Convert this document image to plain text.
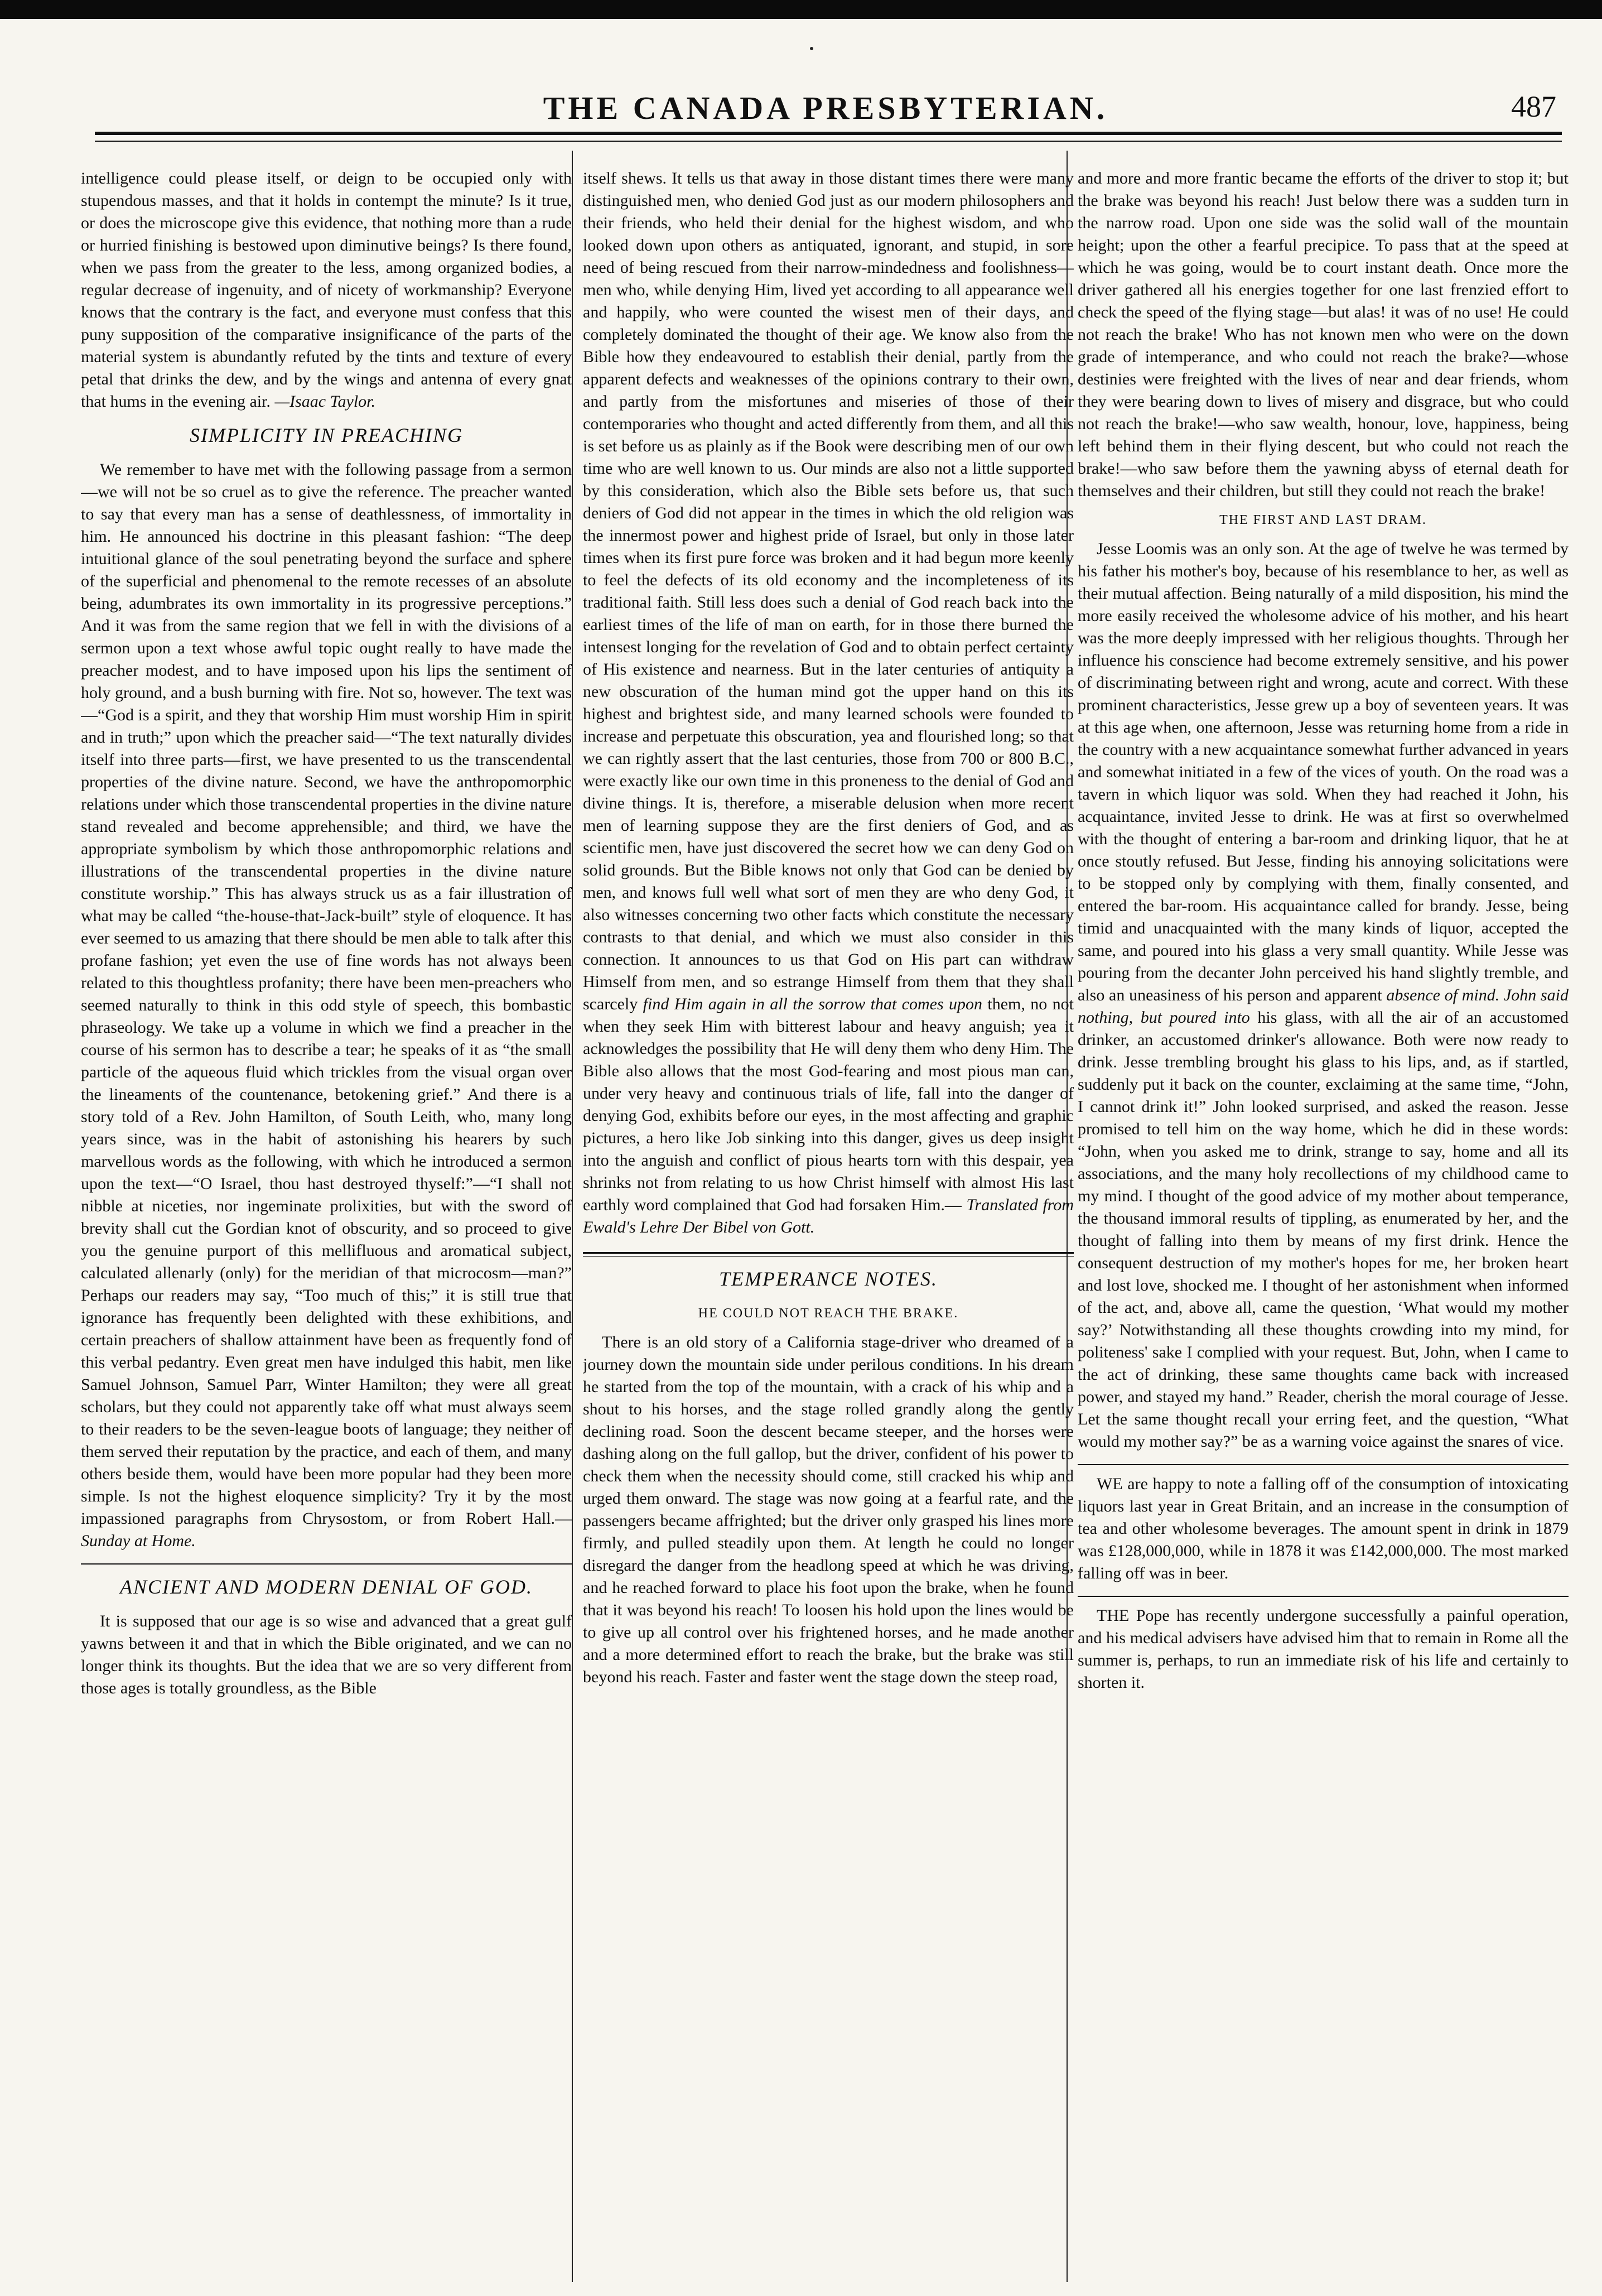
THE CANADA PRESBYTERIAN.	487

intelligence could please itself, or deign to be occupied only with stupendous masses, and that it holds in contempt the minute? Is it true, or does the microscope give this evidence, that nothing more than a rude or hurried finishing is bestowed upon diminutive beings? Is there found, when we pass from the greater to the less, among organized bodies, a regular decrease of ingenuity, and of nicety of workmanship? Everyone knows that the contrary is the fact, and everyone must confess that this puny supposition of the comparative insignificance of the parts of the material system is abundantly refuted by the tints and texture of every petal that drinks the dew, and by the wings and antenna of every gnat that hums in the evening air. —Isaac Taylor.

SIMPLICITY IN PREACHING

We remember to have met with the following passage from a sermon—we will not be so cruel as to give the reference. The preacher wanted to say that every man has a sense of deathlessness, of immortality in him. He announced his doctrine in this pleasant fashion: “The deep intuitional glance of the soul penetrating beyond the surface and sphere of the superficial and phenomenal to the remote recesses of an absolute being, adumbrates its own immortality in its progressive perceptions.” And it was from the same region that we fell in with the divisions of a sermon upon a text whose awful topic ought really to have made the preacher modest, and to have imposed upon his lips the sentiment of holy ground, and a bush burning with fire. Not so, however. The text was—“God is a spirit, and they that worship Him must worship Him in spirit and in truth;” upon which the preacher said—“The text naturally divides itself into three parts—first, we have presented to us the transcendental properties of the divine nature. Second, we have the anthropomorphic relations under which those transcendental properties in the divine nature stand revealed and become apprehensible; and third, we have the appropriate symbolism by which those anthropomorphic relations and illustrations of the transcendental properties in the divine nature constitute worship.” This has always struck us as a fair illustration of what may be called “the-house-that-Jack-built” style of eloquence. It has ever seemed to us amazing that there should be men able to talk after this profane fashion; yet even the use of fine words has not always been related to this thoughtless profanity; there have been men-preachers who seemed naturally to think in this odd style of speech, this bombastic phraseology. We take up a volume in which we find a preacher in the course of his sermon has to describe a tear; he speaks of it as “the small particle of the aqueous fluid which trickles from the visual organ over the lineaments of the countenance, betokening grief.” And there is a story told of a Rev. John Hamilton, of South Leith, who, many long years since, was in the habit of astonishing his hearers by such marvellous words as the following, with which he introduced a sermon upon the text—“O Israel, thou hast destroyed thyself:”—“I shall not nibble at niceties, nor ingeminate prolixities, but with the sword of brevity shall cut the Gordian knot of obscurity, and so proceed to give you the genuine purport of this mellifluous and aromatical subject, calculated allenarly (only) for the meridian of that microcosm—man?” Perhaps our readers may say, “Too much of this;” it is still true that ignorance has frequently been delighted with these exhibitions, and certain preachers of shallow attainment have been as frequently fond of this verbal pedantry. Even great men have indulged this habit, men like Samuel Johnson, Samuel Parr, Winter Hamilton; they were all great scholars, but they could not apparently take off what must always seem to their readers to be the seven-league boots of language; they neither of them served their reputation by the practice, and each of them, and many others beside them, would have been more popular had they been more simple. Is not the highest eloquence simplicity? Try it by the most impassioned paragraphs from Chrysostom, or from Robert Hall.— Sunday at Home.

ANCIENT AND MODERN DENIAL OF GOD.

It is supposed that our age is so wise and advanced that a great gulf yawns between it and that in which the Bible originated, and we can no longer think its thoughts. But the idea that we are so very different from those ages is totally groundless, as the Bible

itself shews. It tells us that away in those distant times there were many distinguished men, who denied God just as our modern philosophers and their friends, who held their denial for the highest wisdom, and who looked down upon others as antiquated, ignorant, and stupid, in sore need of being rescued from their narrow-mindedness and foolishness—men who, while denying Him, lived yet according to all appearance well and happily, who were counted the wisest men of their days, and completely dominated the thought of their age. We know also from the Bible how they endeavoured to establish their denial, partly from the apparent defects and weaknesses of the opinions contrary to their own, and partly from the misfortunes and miseries of those of their contemporaries who thought and acted differently from them, and all this is set before us as plainly as if the Book were describing men of our own time who are well known to us. Our minds are also not a little supported by this consideration, which also the Bible sets before us, that such deniers of God did not appear in the times in which the old religion was the innermost power and highest pride of Israel, but only in those later times when its first pure force was broken and it had begun more keenly to feel the defects of its old economy and the incompleteness of its traditional faith. Still less does such a denial of God reach back into the earliest times of the life of man on earth, for in those there burned the intensest longing for the revelation of God and to obtain perfect certainty of His existence and nearness. But in the later centuries of antiquity a new obscuration of the human mind got the upper hand on this its highest and brightest side, and many learned schools were founded to increase and perpetuate this obscuration, yea and flourished long; so that we can rightly assert that the last centuries, those from 700 or 800 B.C., were exactly like our own time in this proneness to the denial of God and divine things. It is, therefore, a miserable delusion when more recent men of learning suppose they are the first deniers of God, and as scientific men, have just discovered the secret how we can deny God on solid grounds. But the Bible knows not only that God can be denied by men, and knows full well what sort of men they are who deny God, it also witnesses concerning two other facts which constitute the necessary contrasts to that denial, and which we must also consider in this connection. It announces to us that God on His part can withdraw Himself from men, and so estrange Himself from them that they shall scarcely find Him again in all the sorrow that comes upon them, no not when they seek Him with bitterest labour and heavy anguish; yea it acknowledges the possibility that He will deny them who deny Him. The Bible also allows that the most God-fearing and most pious man can, under very heavy and continuous trials of life, fall into the danger of denying God, exhibits before our eyes, in the most affecting and graphic pictures, a hero like Job sinking into this danger, gives us deep insight into the anguish and conflict of pious hearts torn with this despair, yea shrinks not from relating to us how Christ himself with almost His last earthly word complained that God had forsaken Him.— Translated from Ewald's Lehre Der Bibel von Gott.

TEMPERANCE NOTES.
HE COULD NOT REACH THE BRAKE.

There is an old story of a California stage-driver who dreamed of a journey down the mountain side under perilous conditions. In his dream he started from the top of the mountain, with a crack of his whip and a shout to his horses, and the stage rolled grandly along the gently declining road. Soon the descent became steeper, and the horses were dashing along on the full gallop, but the driver, confident of his power to check them when the necessity should come, still cracked his whip and urged them onward. The stage was now going at a fearful rate, and the passengers became affrighted; but the driver only grasped his lines more firmly, and pulled steadily upon them. At length he could no longer disregard the danger from the headlong speed at which he was driving, and he reached forward to place his foot upon the brake, when he found that it was beyond his reach! To loosen his hold upon the lines would be to give up all control over his frightened horses, and he made another and a more determined effort to reach the brake, but the brake was still beyond his reach. Faster and faster went the stage down the steep road,

and more and more frantic became the efforts of the driver to stop it; but the brake was beyond his reach! Just below there was a sudden turn in the narrow road. Upon one side was the solid wall of the mountain height; upon the other a fearful precipice. To pass that at the speed at which he was going, would be to court instant death. Once more the driver gathered all his energies together for one last frenzied effort to check the speed of the flying stage—but alas! it was of no use! He could not reach the brake! Who has not known men who were on the down grade of intemperance, and who could not reach the brake?—whose destinies were freighted with the lives of near and dear friends, whom they were bearing down to lives of misery and disgrace, but who could not reach the brake!—who saw wealth, honour, love, happiness, being left behind them in their flying descent, but who could not reach the brake!—who saw before them the yawning abyss of eternal death for themselves and their children, but still they could not reach the brake!

THE FIRST AND LAST DRAM.

Jesse Loomis was an only son. At the age of twelve he was termed by his father his mother's boy, because of his resemblance to her, as well as their mutual affection. Being naturally of a mild disposition, his mind the more easily received the wholesome advice of his mother, and his heart was the more deeply impressed with her religious thoughts. Through her influence his conscience had become extremely sensitive, and his power of discriminating between right and wrong, acute and correct. With these prominent characteristics, Jesse grew up a boy of seventeen years. It was at this age when, one afternoon, Jesse was returning home from a ride in the country with a new acquaintance somewhat further advanced in years and somewhat initiated in a few of the vices of youth. On the road was a tavern in which liquor was sold. When they had reached it John, his acquaintance, invited Jesse to drink. He was at first so overwhelmed with the thought of entering a bar-room and drinking liquor, that he at once stoutly refused. But Jesse, finding his annoying solicitations were to be stopped only by complying with them, finally consented, and entered the bar-room. His acquaintance called for brandy. Jesse, being timid and unacquainted with the many kinds of liquor, accepted the same, and poured into his glass a very small quantity. While Jesse was pouring from the decanter John perceived his hand slightly tremble, and also an uneasiness of his person and apparent absence of mind. John said nothing, but poured into his glass, with all the air of an accustomed drinker, an accustomed drinker's allowance. Both were now ready to drink. Jesse trembling brought his glass to his lips, and, as if startled, suddenly put it back on the counter, exclaiming at the same time, “John, I cannot drink it!” John looked surprised, and asked the reason. Jesse promised to tell him on the way home, which he did in these words: “John, when you asked me to drink, strange to say, home and all its associations, and the many holy recollections of my childhood came to my mind. I thought of the good advice of my mother about temperance, the thousand immoral results of tippling, as enumerated by her, and the thought of falling into them by means of my first drink. Hence the consequent destruction of my mother's hopes for me, her broken heart and lost love, shocked me. I thought of her astonishment when informed of the act, and, above all, came the question, ‘What would my mother say?’ Notwithstanding all these thoughts crowding into my mind, for politeness' sake I complied with your request. But, John, when I came to the act of drinking, these same thoughts came back with increased power, and stayed my hand.” Reader, cherish the moral courage of Jesse. Let the same thought recall your erring feet, and the question, “What would my mother say?” be as a warning voice against the snares of vice.

WE are happy to note a falling off of the consumption of intoxicating liquors last year in Great Britain, and an increase in the consumption of tea and other wholesome beverages. The amount spent in drink in 1879 was £128,000,000, while in 1878 it was £142,000,000. The most marked falling off was in beer.

THE Pope has recently undergone successfully a painful operation, and his medical advisers have advised him that to remain in Rome all the summer is, perhaps, to run an immediate risk of his life and certainly to shorten it.
